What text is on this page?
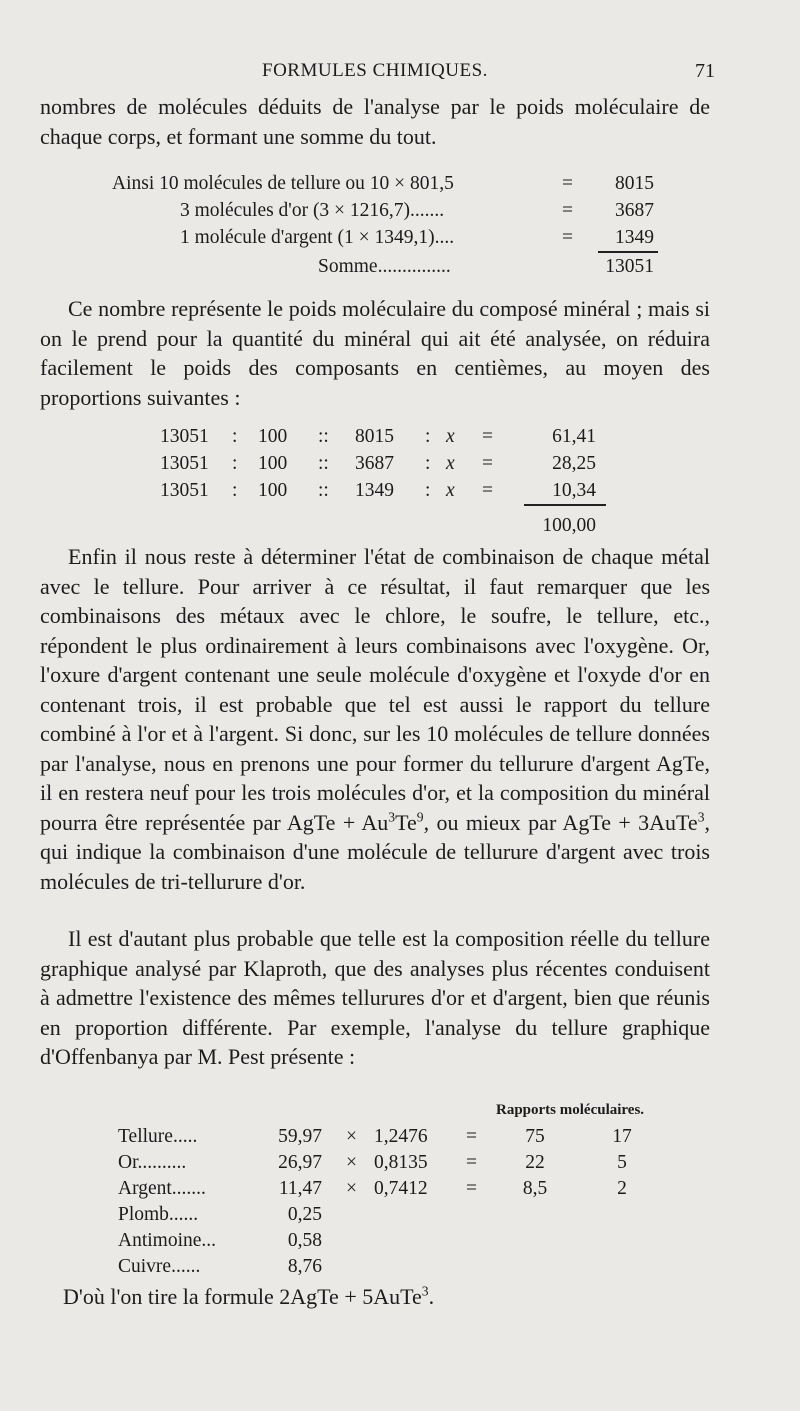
FORMULES CHIMIQUES.	71

nombres de molécules déduits de l'analyse par le poids moléculaire de chaque corps, et formant une somme du tout.

Ainsi 10 molécules de tellure ou 10 × 801,5	=	8015
3 molécules d'or (3 × 1216,7).......	=	3687
1 molécule d'argent (1 × 1349,1)....	=	1349
Somme...............	13051

Ce nombre représente le poids moléculaire du composé minéral ; mais si on le prend pour la quantité du minéral qui ait été analysée, on réduira facilement le poids des composants en centièmes, au moyen des proportions suivantes :

13051 : 100 :: 8015 : x =	61,41
13051 : 100 :: 3687 : x =	28,25
13051 : 100 :: 1349 : x =	10,34
100,00

Enfin il nous reste à déterminer l'état de combinaison de chaque métal avec le tellure. Pour arriver à ce résultat, il faut remarquer que les combinaisons des métaux avec le chlore, le soufre, le tellure, etc., répondent le plus ordinairement à leurs combinaisons avec l'oxygène. Or, l'oxure d'argent contenant une seule molécule d'oxygène et l'oxyde d'or en contenant trois, il est probable que tel est aussi le rapport du tellure combiné à l'or et à l'argent. Si donc, sur les 10 molécules de tellure données par l'analyse, nous en prenons une pour former du tellurure d'argent AgTe, il en restera neuf pour les trois molécules d'or, et la composition du minéral pourra être représentée par AgTe + $Au^3Te^9$, ou mieux par AgTe + 3AuTe$^3$, qui indique la combinaison d'une molécule de tellurure d'argent avec trois molécules de tri-tellurure d'or.

Il est d'autant plus probable que telle est la composition réelle du tellure graphique analysé par Klaproth, que des analyses plus récentes conduisent à admettre l'existence des mêmes tellurures d'or et d'argent, bien que réunis en proportion différente. Par exemple, l'analyse du tellure graphique d'Offenbanya par M. Pest présente :

Rapports moléculaires.
Tellure.....	59,97 × 1,2476 =	75	17
Or..........	26,97 × 0,8135 =	22	5
Argent.......	11,47 × 0,7412 =	8,5	2
Plomb......	0,25
Antimoine...	0,58
Cuivre......	8,76
D'où l'on tire la formule 2AgTe + 5AuTe$^3$.
